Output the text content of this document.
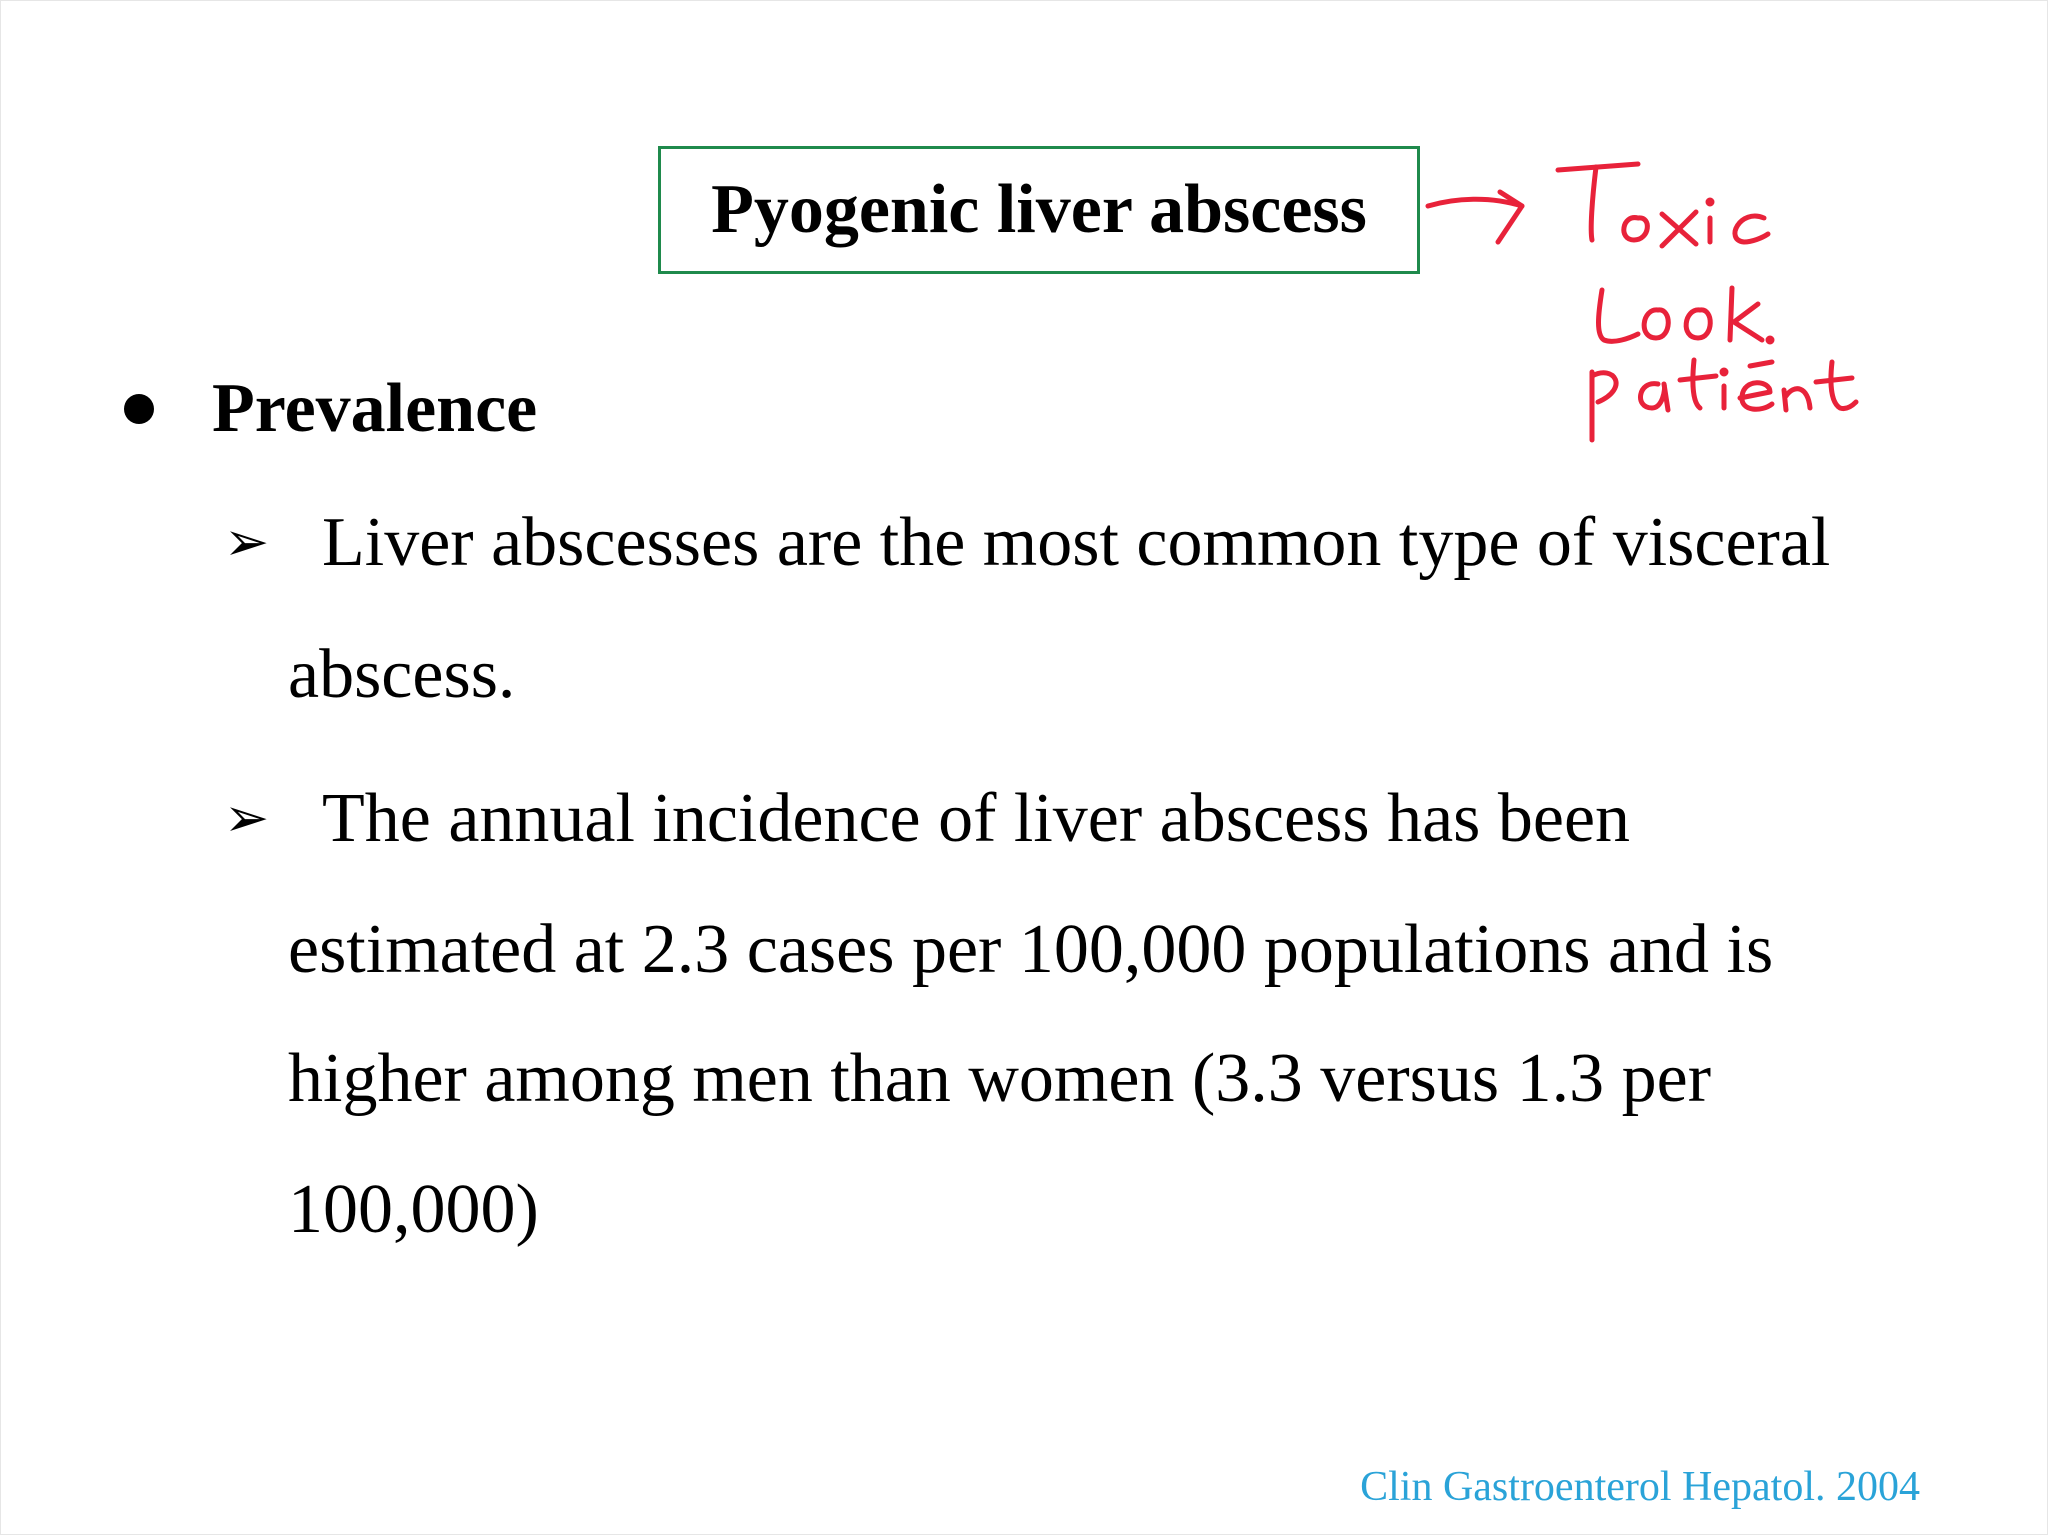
Pyogenic liver abscess
Prevalence
➢ Liver abscesses are the most common type of visceral
abscess.
➢ The annual incidence of liver abscess has been
estimated at 2.3 cases per 100,000 populations and is
higher among men than women (3.3 versus 1.3 per
100,000)
Clin Gastroenterol Hepatol. 2004
